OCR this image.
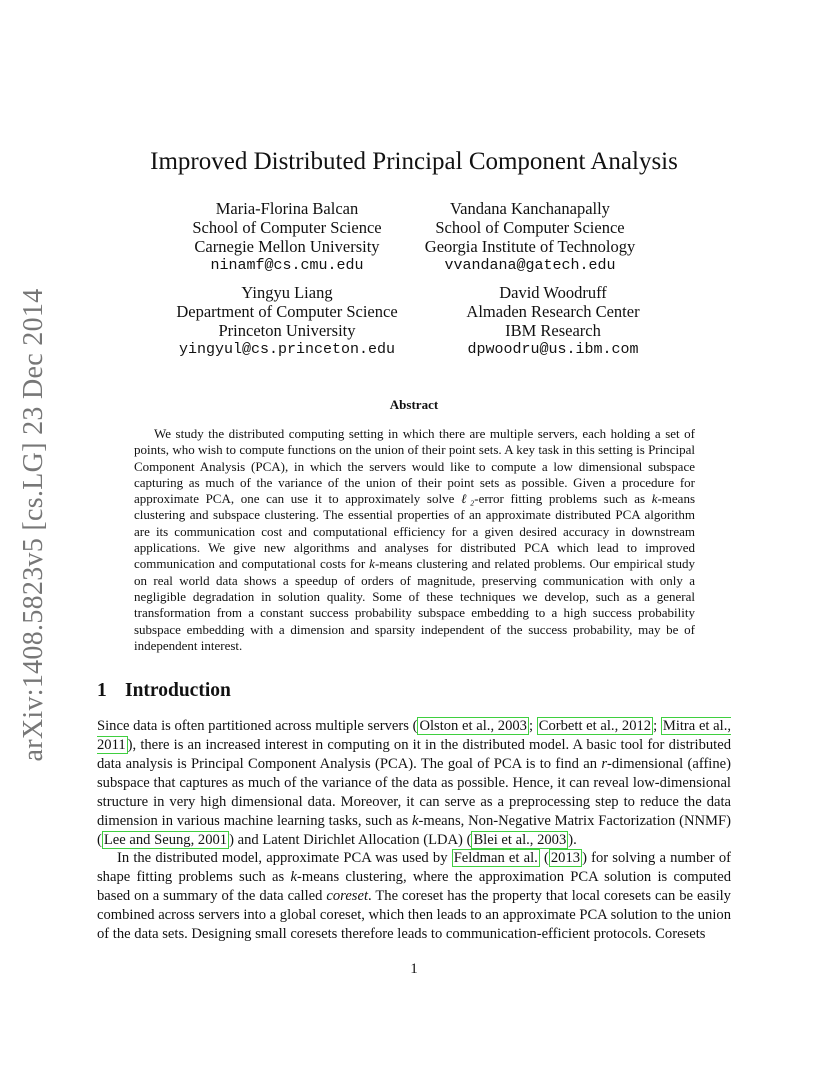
arXiv:1408.5823v5 [cs.LG] 23 Dec 2014
Improved Distributed Principal Component Analysis
Maria-Florina Balcan
School of Computer Science
Carnegie Mellon University
ninamf@cs.cmu.edu
Vandana Kanchanapally
School of Computer Science
Georgia Institute of Technology
vvandana@gatech.edu
Yingyu Liang
Department of Computer Science
Princeton University
yingyul@cs.princeton.edu
David Woodruff
Almaden Research Center
IBM Research
dpwoodru@us.ibm.com
Abstract

We study the distributed computing setting in which there are multiple servers, each holding a set of points, who wish to compute functions on the union of their point sets. A key task in this setting is Principal Component Analysis (PCA), in which the servers would like to compute a low dimensional subspace capturing as much of the variance of the union of their point sets as possible. Given a procedure for approximate PCA, one can use it to approximately solve ℓ₂-error fitting problems such as k-means clustering and subspace clustering. The essential properties of an approximate distributed PCA algorithm are its communication cost and computational efficiency for a given desired accuracy in downstream applications. We give new algorithms and analyses for distributed PCA which lead to improved communication and computational costs for k-means clustering and related problems. Our empirical study on real world data shows a speedup of orders of magnitude, preserving communication with only a negligible degradation in solution quality. Some of these techniques we develop, such as a general transformation from a constant success probability subspace embedding to a high success probability subspace embedding with a dimension and sparsity independent of the success probability, may be of independent interest.

1 Introduction

Since data is often partitioned across multiple servers ( Olston et al., 2003 ; Corbett et al., 2012 ; Mitra et al., 2011 ), there is an increased interest in computing on it in the distributed model. A basic tool for distributed data analysis is Principal Component Analysis (PCA). The goal of PCA is to find an r-dimensional (affine) subspace that captures as much of the variance of the data as possible. Hence, it can reveal low-dimensional structure in very high dimensional data. Moreover, it can serve as a preprocessing step to reduce the data dimension in various machine learning tasks, such as k-means, Non-Negative Matrix Factorization (NNMF) ( Lee and Seung, 2001 ) and Latent Dirichlet Allocation (LDA) ( Blei et al., 2003 ).

In the distributed model, approximate PCA was used by Feldman et al. ( 2013 ) for solving a number of shape fitting problems such as k-means clustering, where the approximation PCA solution is computed based on a summary of the data called coreset. The coreset has the property that local coresets can be easily combined across servers into a global coreset, which then leads to an approximate PCA solution to the union of the data sets. Designing small coresets therefore leads to communication-efficient protocols. Coresets

1
